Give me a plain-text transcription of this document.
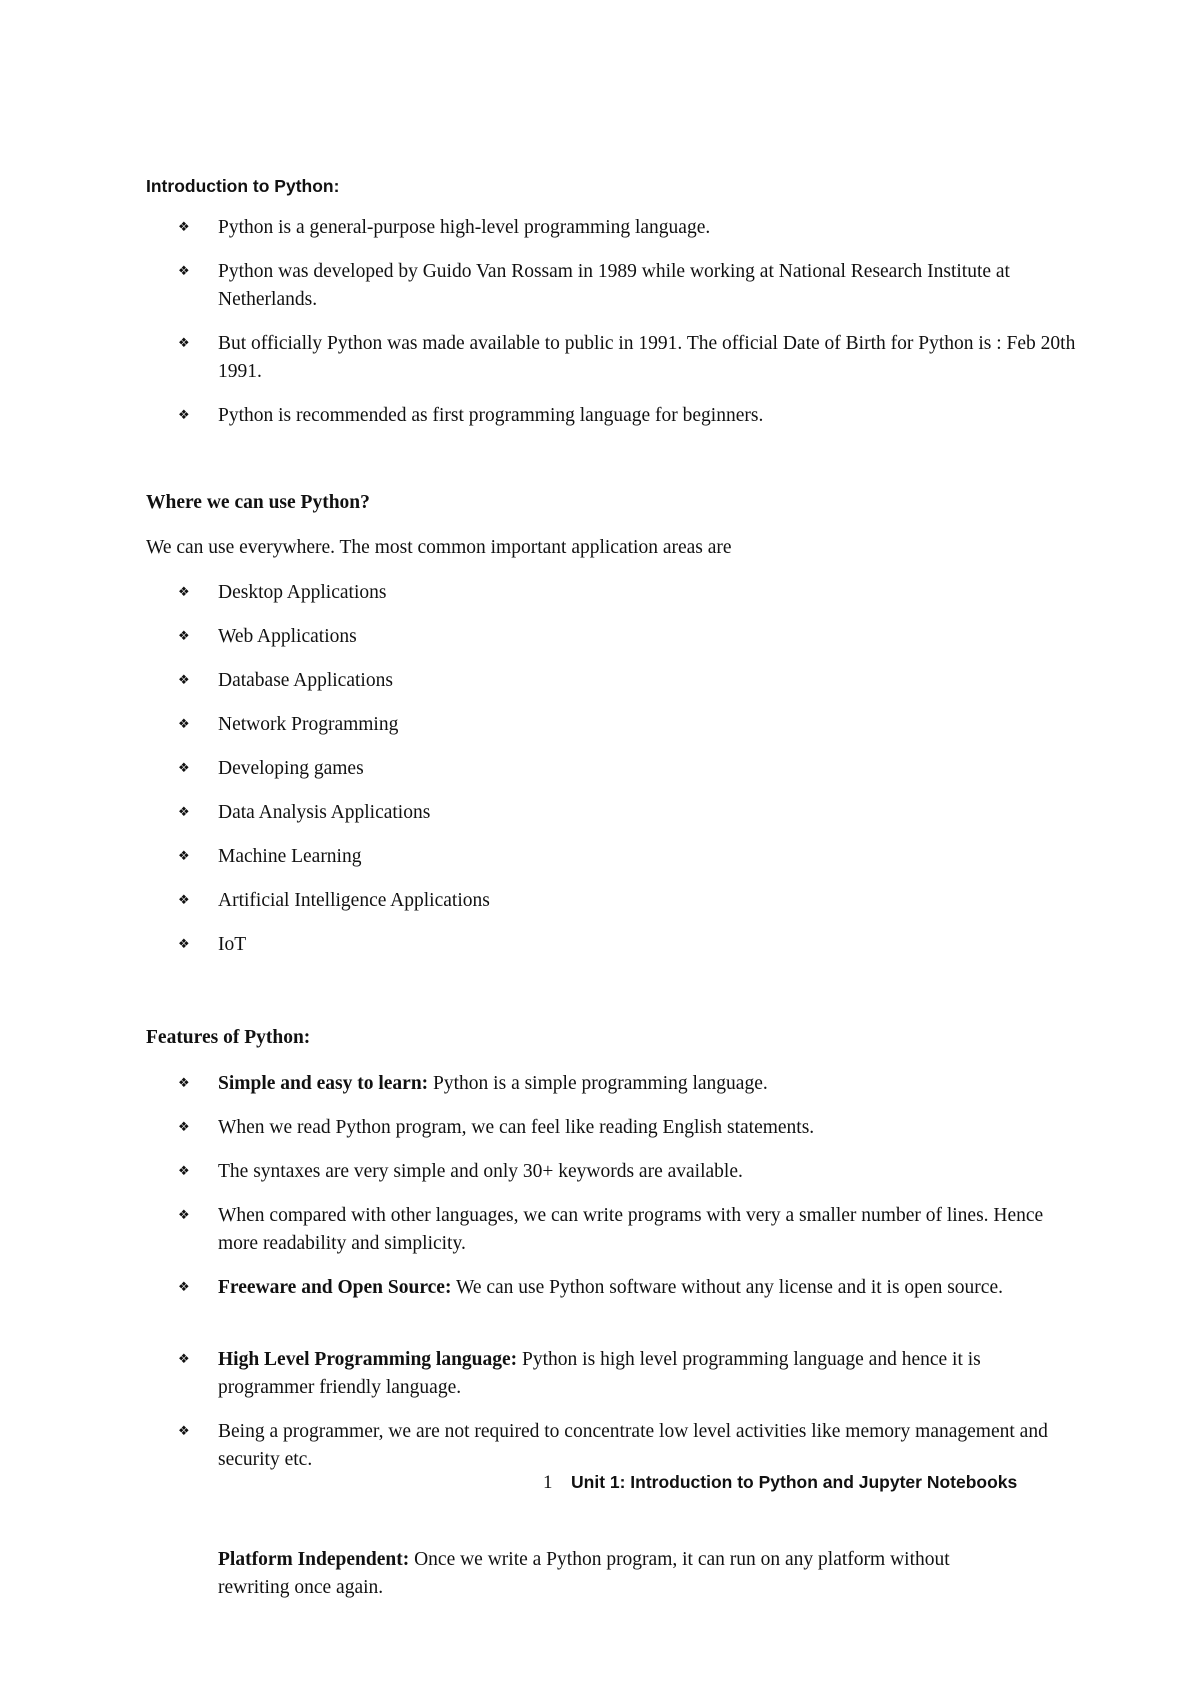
Introduction to Python:
❖ Python is a general-purpose high-level programming language.
❖ Python was developed by Guido Van Rossam in 1989 while working at National Research Institute at Netherlands.
❖ But officially Python was made available to public in 1991. The official Date of Birth for Python is : Feb 20th 1991.
❖ Python is recommended as first programming language for beginners.
Where we can use Python?
We can use everywhere. The most common important application areas are
❖ Desktop Applications
❖ Web Applications
❖ Database Applications
❖ Network Programming
❖ Developing games
❖ Data Analysis Applications
❖ Machine Learning
❖ Artificial Intelligence Applications
❖ IoT
Features of Python:
❖ Simple and easy to learn: Python is a simple programming language.
❖ When we read Python program, we can feel like reading English statements.
❖ The syntaxes are very simple and only 30+ keywords are available.
❖ When compared with other languages, we can write programs with very a smaller number of lines. Hence more readability and simplicity.
❖ Freeware and Open Source: We can use Python software without any license and it is open source.
❖ High Level Programming language: Python is high level programming language and hence it is programmer friendly language.
❖ Being a programmer, we are not required to concentrate low level activities like memory management and security etc.
1 Unit 1: Introduction to Python and Jupyter Notebooks
Platform Independent: Once we write a Python program, it can run on any platform without rewriting once again.
